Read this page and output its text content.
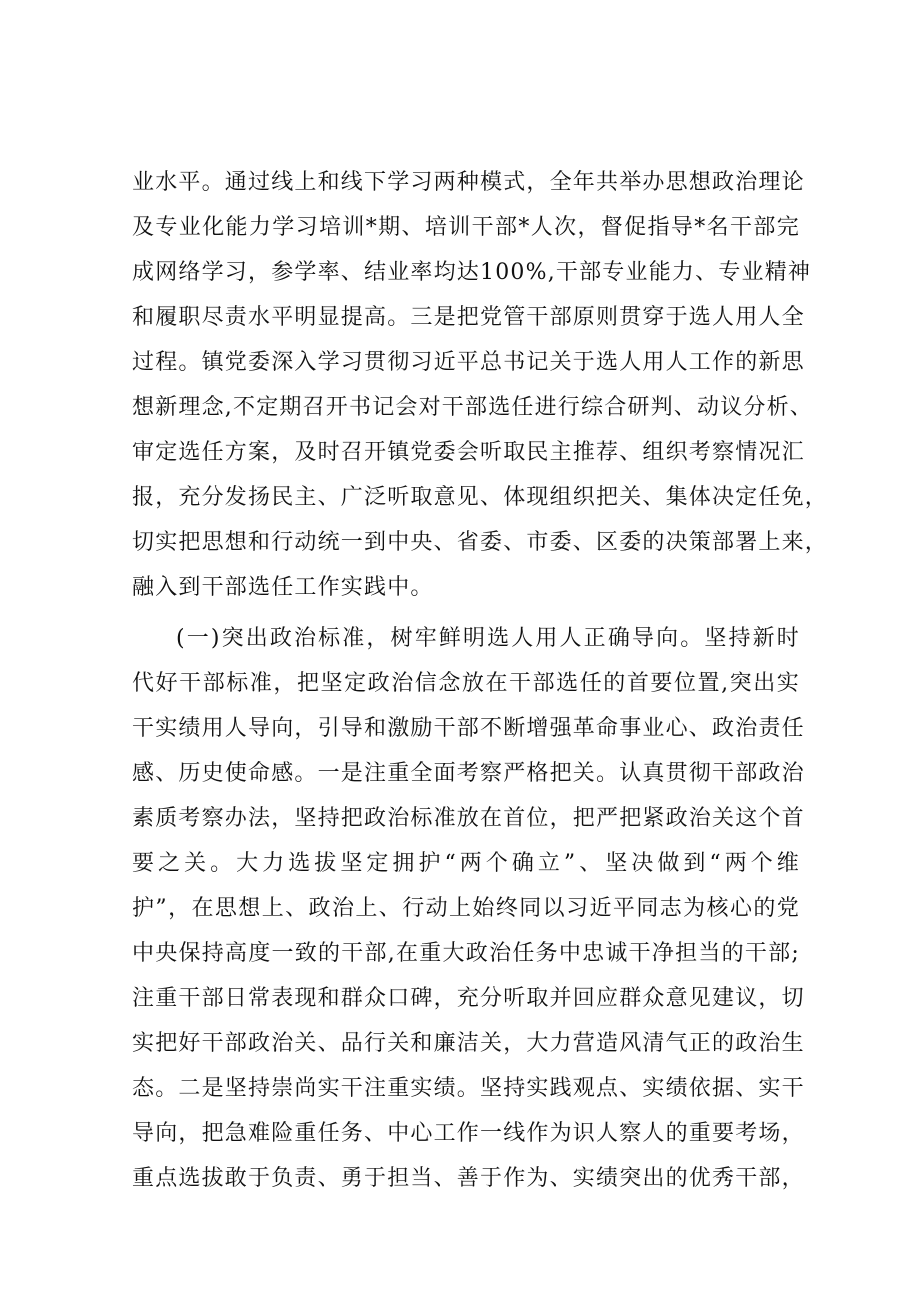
业水平。通过线上和线下学习两种模式，全年共举办思想政治理论
及专业化能力学习培训*期、培训干部*人次，督促指导*名干部完
成网络学习，参学率、结业率均达100%,干部专业能力、专业精神
和履职尽责水平明显提高。三是把党管干部原则贯穿于选人用人全
过程。镇党委深入学习贯彻习近平总书记关于选人用人工作的新思
想新理念,不定期召开书记会对干部选任进行综合研判、动议分析、
审定选任方案，及时召开镇党委会听取民主推荐、组织考察情况汇
报，充分发扬民主、广泛听取意见、体现组织把关、集体决定任免，
切实把思想和行动统一到中央、省委、市委、区委的决策部署上来，
融入到干部选任工作实践中。
(一)突出政治标准，树牢鲜明选人用人正确导向。坚持新时
代好干部标准，把坚定政治信念放在干部选任的首要位置,突出实
干实绩用人导向，引导和激励干部不断增强革命事业心、政治责任
感、历史使命感。一是注重全面考察严格把关。认真贯彻干部政治
素质考察办法，坚持把政治标准放在首位，把严把紧政治关这个首
要之关。大力选拔坚定拥护“两个确立”、坚决做到“两个维
护”，在思想上、政治上、行动上始终同以习近平同志为核心的党
中央保持高度一致的干部,在重大政治任务中忠诚干净担当的干部;
注重干部日常表现和群众口碑，充分听取并回应群众意见建议，切
实把好干部政治关、品行关和廉洁关，大力营造风清气正的政治生
态。二是坚持崇尚实干注重实绩。坚持实践观点、实绩依据、实干
导向，把急难险重任务、中心工作一线作为识人察人的重要考场，
重点选拔敢于负责、勇于担当、善于作为、实绩突出的优秀干部，
